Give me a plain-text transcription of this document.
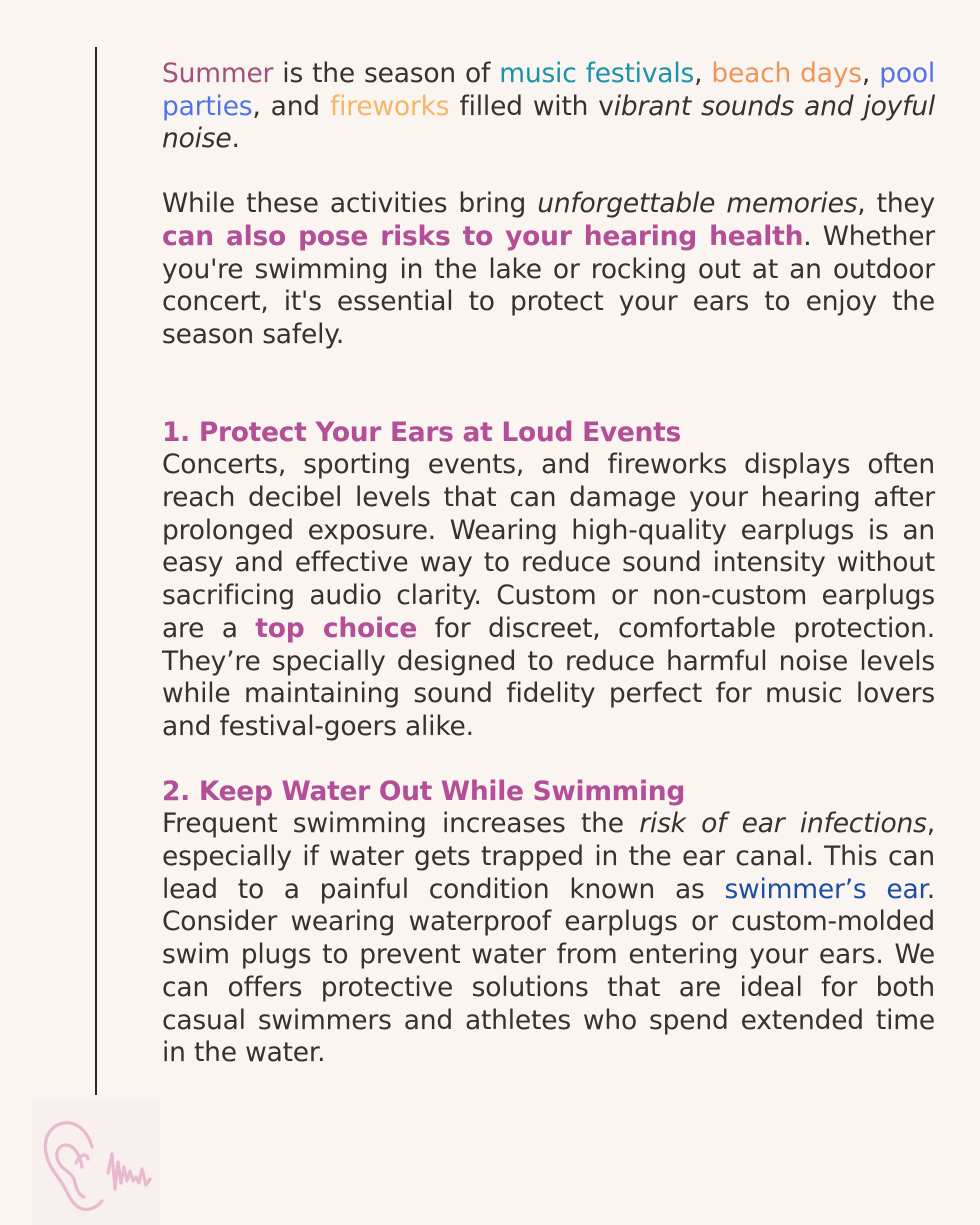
Summer is the season of music festivals, beach days, pool parties, and fireworks filled with vibrant sounds and joyful noise.

While these activities bring unforgettable memories, they can also pose risks to your hearing health. Whether you're swimming in the lake or rocking out at an outdoor concert, it's essential to protect your ears to enjoy the season safely.

1. Protect Your Ears at Loud Events

Concerts, sporting events, and fireworks displays often reach decibel levels that can damage your hearing after prolonged exposure. Wearing high-quality earplugs is an easy and effective way to reduce sound intensity without sacrificing audio clarity. Custom or non-custom earplugs are a top choice for discreet, comfortable protection. They’re specially designed to reduce harmful noise levels while maintaining sound fidelity perfect for music lovers and festival-goers alike.

2. Keep Water Out While Swimming

Frequent swimming increases the risk of ear infections, especially if water gets trapped in the ear canal. This can lead to a painful condition known as swimmer’s ear. Consider wearing waterproof earplugs or custom-molded swim plugs to prevent water from entering your ears. We can offers protective solutions that are ideal for both casual swimmers and athletes who spend extended time in the water.
